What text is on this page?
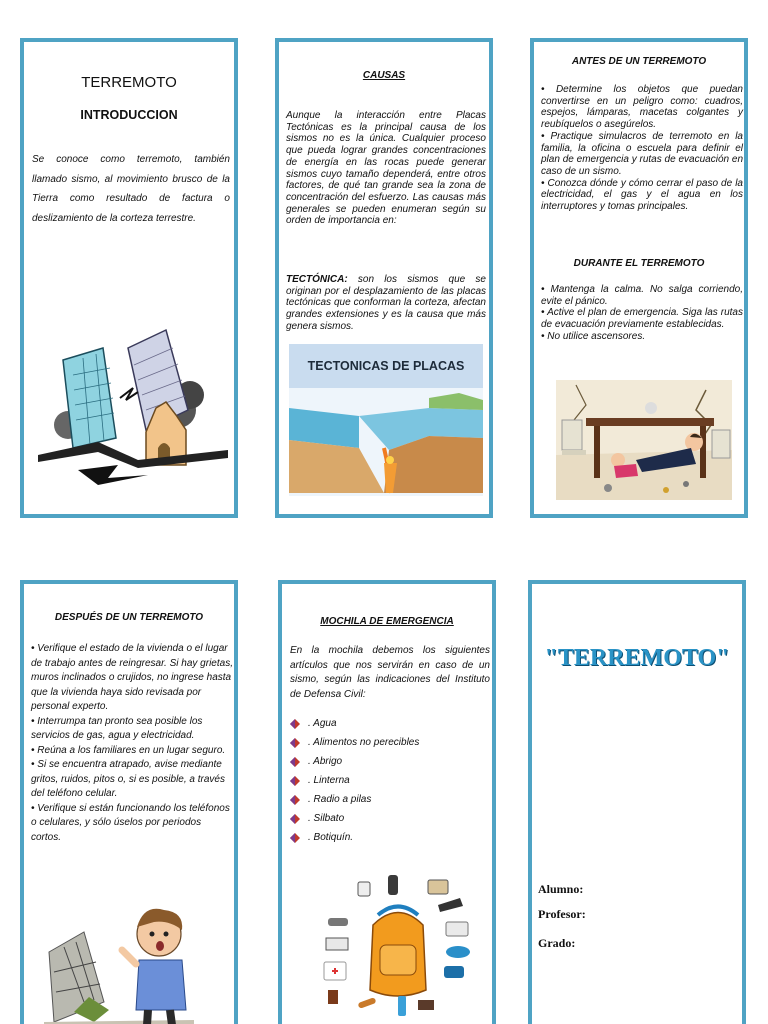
TERREMOTO
INTRODUCCION
Se conoce como terremoto, también llamado sismo, al movimiento brusco de la Tierra como resultado de factura o deslizamiento de la corteza terrestre.
CAUSAS
Aunque la interacción entre Placas Tectónicas es la principal causa de los sismos no es la única. Cualquier proceso que pueda lograr grandes concentraciones de energía en las rocas puede generar sismos cuyo tamaño dependerá, entre otros factores, de qué tan grande sea la zona de concentración del esfuerzo. Las causas más generales se pueden enumeran según su orden de importancia en:
TECTÓNICA: son los sismos que se originan por el desplazamiento de las placas tectónicas que conforman la corteza, afectan grandes extensiones y es la causa que más genera sismos.
TECTONICAS DE PLACAS
ANTES DE UN TERREMOTO
• Determine los objetos que puedan convertirse en un peligro como: cuadros, espejos, lámparas, macetas colgantes y reubíquelos o asegúrelos.
• Practique simulacros de terremoto en la familia, la oficina o escuela para definir el plan de emergencia y rutas de evacuación en caso de un sismo.
• Conozca dónde y cómo cerrar el paso de la electricidad, el gas y el agua en los interruptores y tomas principales.
DURANTE EL TERREMOTO
• Mantenga la calma. No salga corriendo, evite el pánico.
• Active el plan de emergencia. Siga las rutas de evacuación previamente establecidas.
• No utilice ascensores.
DESPUÉS DE UN TERREMOTO
• Verifique el estado de la vivienda o el lugar de trabajo antes de reingresar. Si hay grietas, muros inclinados o crujidos, no ingrese hasta que la vivienda haya sido revisada por personal experto.
• Interrumpa tan pronto sea posible los servicios de gas, agua y electricidad.
• Reúna a los familiares en un lugar seguro.
• Si se encuentra atrapado, avise mediante gritos, ruidos, pitos o, si es posible, a través del teléfono celular.
• Verifique si están funcionando los teléfonos o celulares, y sólo úselos por periodos cortos.
MOCHILA DE EMERGENCIA
En la mochila debemos los siguientes artículos que nos servirán en caso de un sismo, según las indicaciones del Instituto de Defensa Civil:
. Agua
. Alimentos no perecibles
. Abrigo
. Linterna
. Radio a pilas
. Silbato
. Botiquín.
"TERREMOTO"
Alumno:
Profesor:
Grado:
